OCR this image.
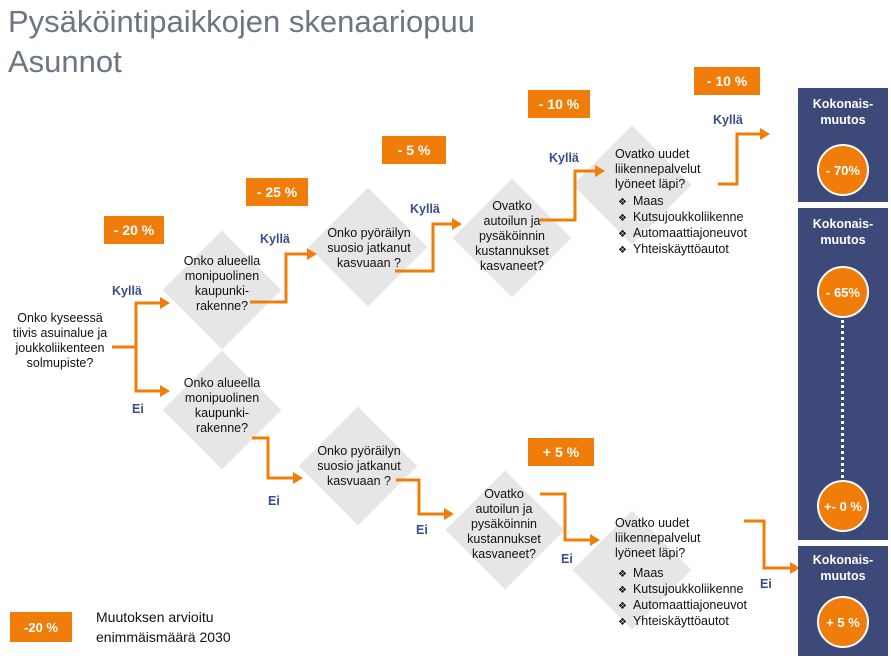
Pysäköintipaikkojen skenaariopuu
Asunnot
Onko kyseessä
tiivis asuinalue ja
joukkoliikenteen
solmupiste?
Kyllä
Ei
Kyllä
Kyllä
Kyllä
Kyllä
Ei
Ei
Ei
Ei
Onko alueella
monipuolinen
kaupunki-
rakenne?
Onko pyöräilyn
suosio jatkanut
kasvuaan ?
Ovatko
autoilun ja
pysäköinnin
kustannukset
kasvaneet?
Ovatko uudet
liikennepalvelut
lyöneet läpi?
❖ Maas
❖ Kutsujoukkoliikenne
❖ Automaattiajoneuvot
❖ Yhteiskäyttöautot
- 20 %
- 25 %
- 5 %
- 10 %
- 10 %
Onko alueella
monipuolinen
kaupunki-
rakenne?
Onko pyöräilyn
suosio jatkanut
kasvuaan ?
Ovatko
autoilun ja
pysäköinnin
kustannukset
kasvaneet?
Ovatko uudet
liikennepalvelut
lyöneet läpi?
❖ Maas
❖ Kutsujoukkoliikenne
❖ Automaattiajoneuvot
❖ Yhteiskäyttöautot
+ 5 %
Kokonais-
muutos
- 70%
Kokonais-
muutos
- 65%
+- 0 %
Kokonais-
muutos
+ 5 %
-20 %
Muutoksen arvioitu
enimmäismäärä 2030
